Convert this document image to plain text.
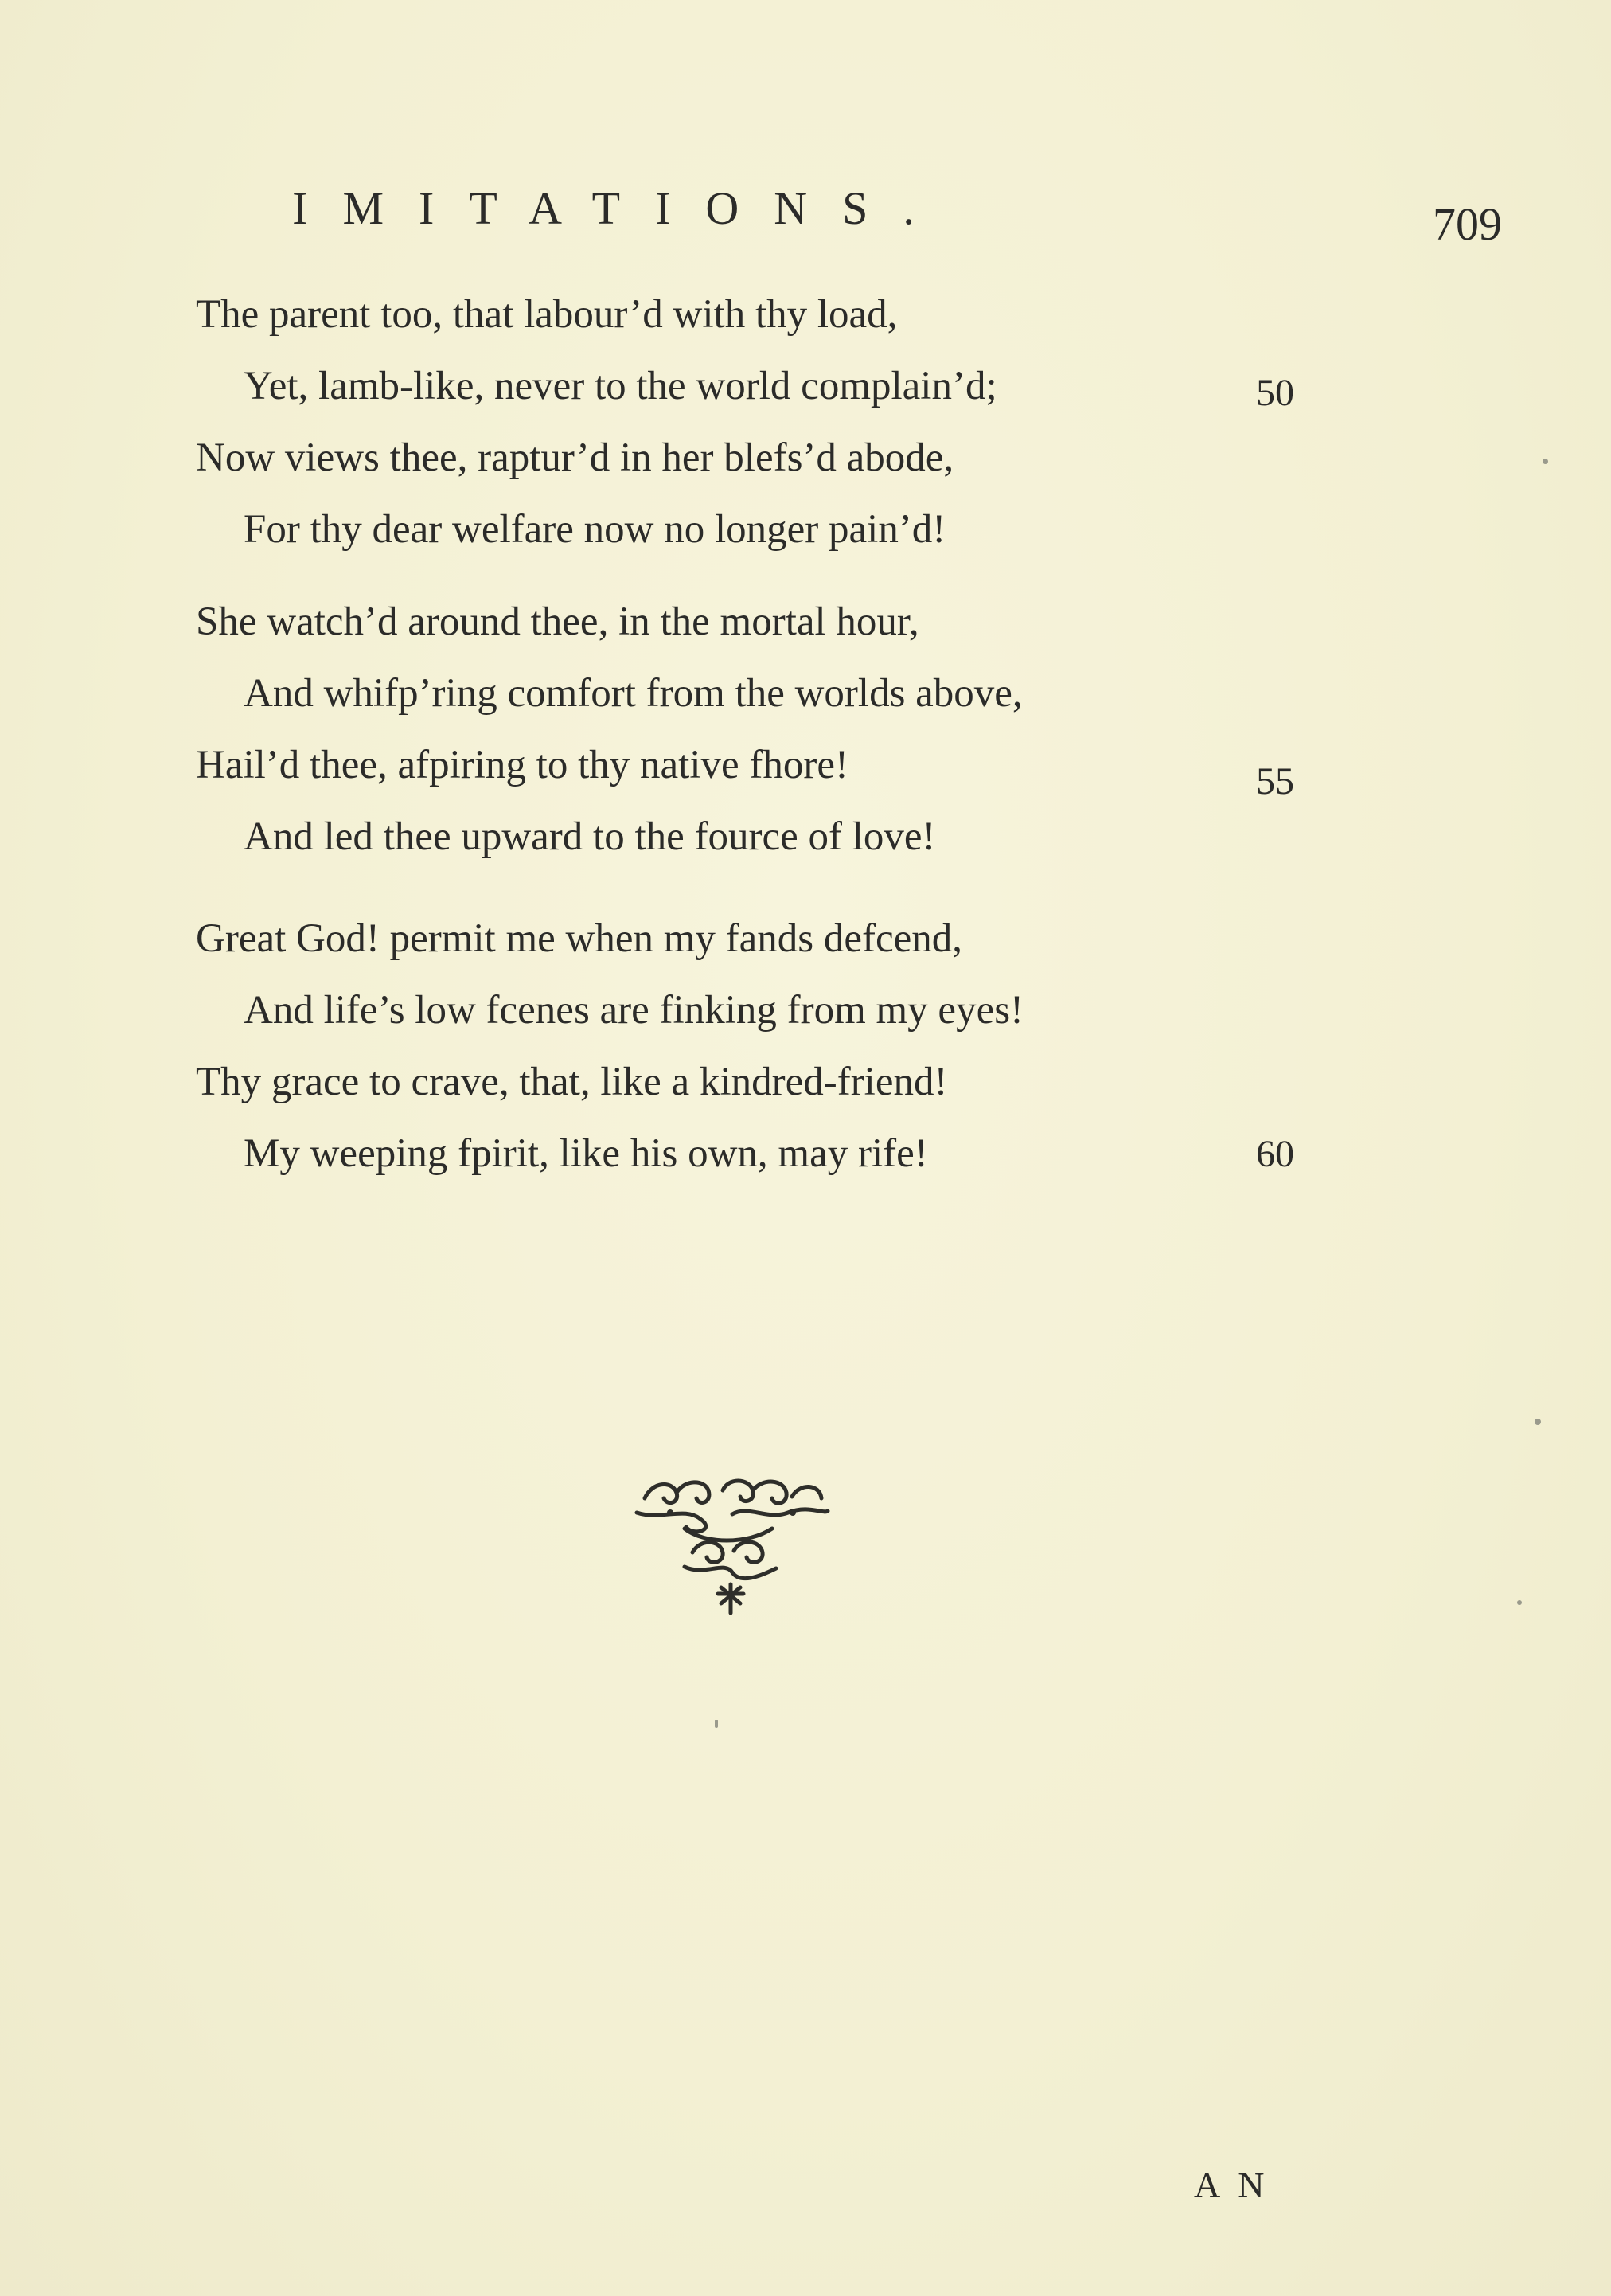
IMITATIONS.	709
The parent too, that labour’d with thy load,
Yet, lamb-like, never to the world complain’d;	50
Now views thee, raptur’d in her blefs’d abode,
For thy dear welfare now no longer pain’d!
She watch’d around thee, in the mortal hour,
And whifp’ring comfort from the worlds above,
Hail’d thee, afpiring to thy native fhore!	55
And led thee upward to the fource of love!
Great God! permit me when my fands defcend,
And life’s low fcenes are finking from my eyes!
Thy grace to crave, that, like a kindred-friend!
My weeping fpirit, like his own, may rife!	60
AN
